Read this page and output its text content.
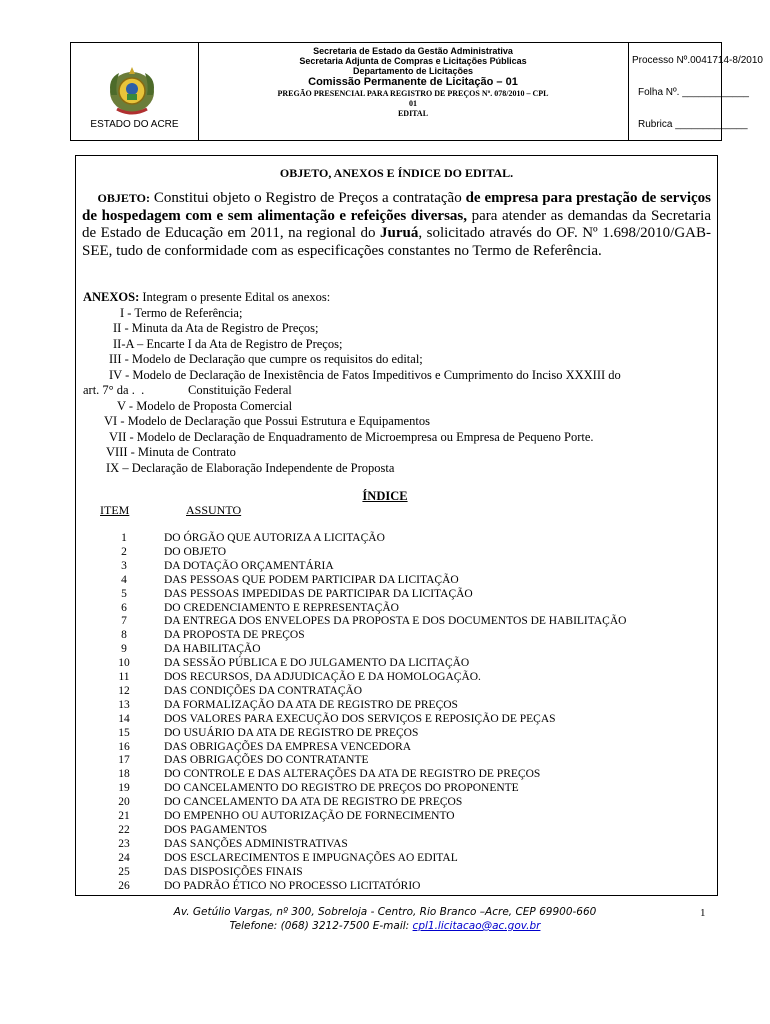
ESTADO DO ACRE
Secretaria de Estado da Gestão Administrativa
Secretaria Adjunta de Compras e Licitações Públicas
Departamento de Licitações
Comissão Permanente de Licitação – 01
PREGÃO PRESENCIAL PARA REGISTRO DE PREÇOS Nº. 078/2010 – CPL
01
EDITAL
Processo Nº.0041714-8/2010
Folha Nº. ____________
Rubrica _____________
OBJETO, ANEXOS E ÍNDICE DO EDITAL.
OBJETO: Constitui objeto o Registro de Preços a contratação de empresa para prestação de serviços de hospedagem com e sem alimentação e refeições diversas, para atender as demandas da Secretaria de Estado de Educação em 2011, na regional do Juruá, solicitado através do OF. Nº 1.698/2010/GAB-SEE, tudo de conformidade com as especificações constantes no Termo de Referência.
ANEXOS: Integram o presente Edital os anexos:
I - Termo de Referência;
II - Minuta da Ata de Registro de Preços;
II-A – Encarte I da Ata de Registro de Preços;
III - Modelo de Declaração que cumpre os requisitos do edital;
IV - Modelo de Declaração de Inexistência de Fatos Impeditivos e Cumprimento do Inciso XXXIII do
art. 7° da .  .              Constituição Federal
V - Modelo de Proposta Comercial
VI - Modelo de Declaração que Possui Estrutura e Equipamentos
VII - Modelo de Declaração de Enquadramento de Microempresa ou Empresa de Pequeno Porte.
VIII - Minuta de Contrato
IX – Declaração de Elaboração Independente de Proposta
ÍNDICE
ITEM	ASSUNTO
1	DO ÓRGÃO QUE AUTORIZA A LICITAÇÃO
2	DO OBJETO
3	DA DOTAÇÃO ORÇAMENTÁRIA
4	DAS PESSOAS QUE PODEM PARTICIPAR DA LICITAÇÃO
5	DAS PESSOAS IMPEDIDAS DE PARTICIPAR DA LICITAÇÃO
6	DO CREDENCIAMENTO E REPRESENTAÇÃO
7	DA ENTREGA DOS ENVELOPES DA PROPOSTA E DOS DOCUMENTOS DE HABILITAÇÃO
8	DA PROPOSTA DE PREÇOS
9	DA HABILITAÇÃO
10	DA SESSÃO PÚBLICA E DO JULGAMENTO DA LICITAÇÃO
11	DOS RECURSOS, DA ADJUDICAÇÃO E DA HOMOLOGAÇÃO.
12	DAS CONDIÇÕES DA CONTRATAÇÃO
13	DA FORMALIZAÇÃO DA ATA DE REGISTRO DE PREÇOS
14	DOS VALORES PARA EXECUÇÃO DOS SERVIÇOS E REPOSIÇÃO DE PEÇAS
15	DO USUÁRIO DA ATA DE REGISTRO DE PREÇOS
16	DAS OBRIGAÇÕES DA EMPRESA VENCEDORA
17	DAS OBRIGAÇÕES DO CONTRATANTE
18	DO CONTROLE E DAS ALTERAÇÕES DA ATA DE REGISTRO DE PREÇOS
19	DO CANCELAMENTO DO REGISTRO DE PREÇOS DO PROPONENTE
20	DO CANCELAMENTO DA ATA DE REGISTRO DE PREÇOS
21	DO EMPENHO OU AUTORIZAÇÃO DE FORNECIMENTO
22	DOS PAGAMENTOS
23	DAS SANÇÕES ADMINISTRATIVAS
24	DOS ESCLARECIMENTOS E IMPUGNAÇÕES AO EDITAL
25	DAS DISPOSIÇÕES FINAIS
26	DO PADRÃO ÉTICO NO PROCESSO LICITATÓRIO
Av. Getúlio Vargas, nº 300, Sobreloja - Centro, Rio Branco –Acre, CEP 69900-660
Telefone: (068) 3212-7500 E-mail: cpl1.licitacao@ac.gov.br
1
